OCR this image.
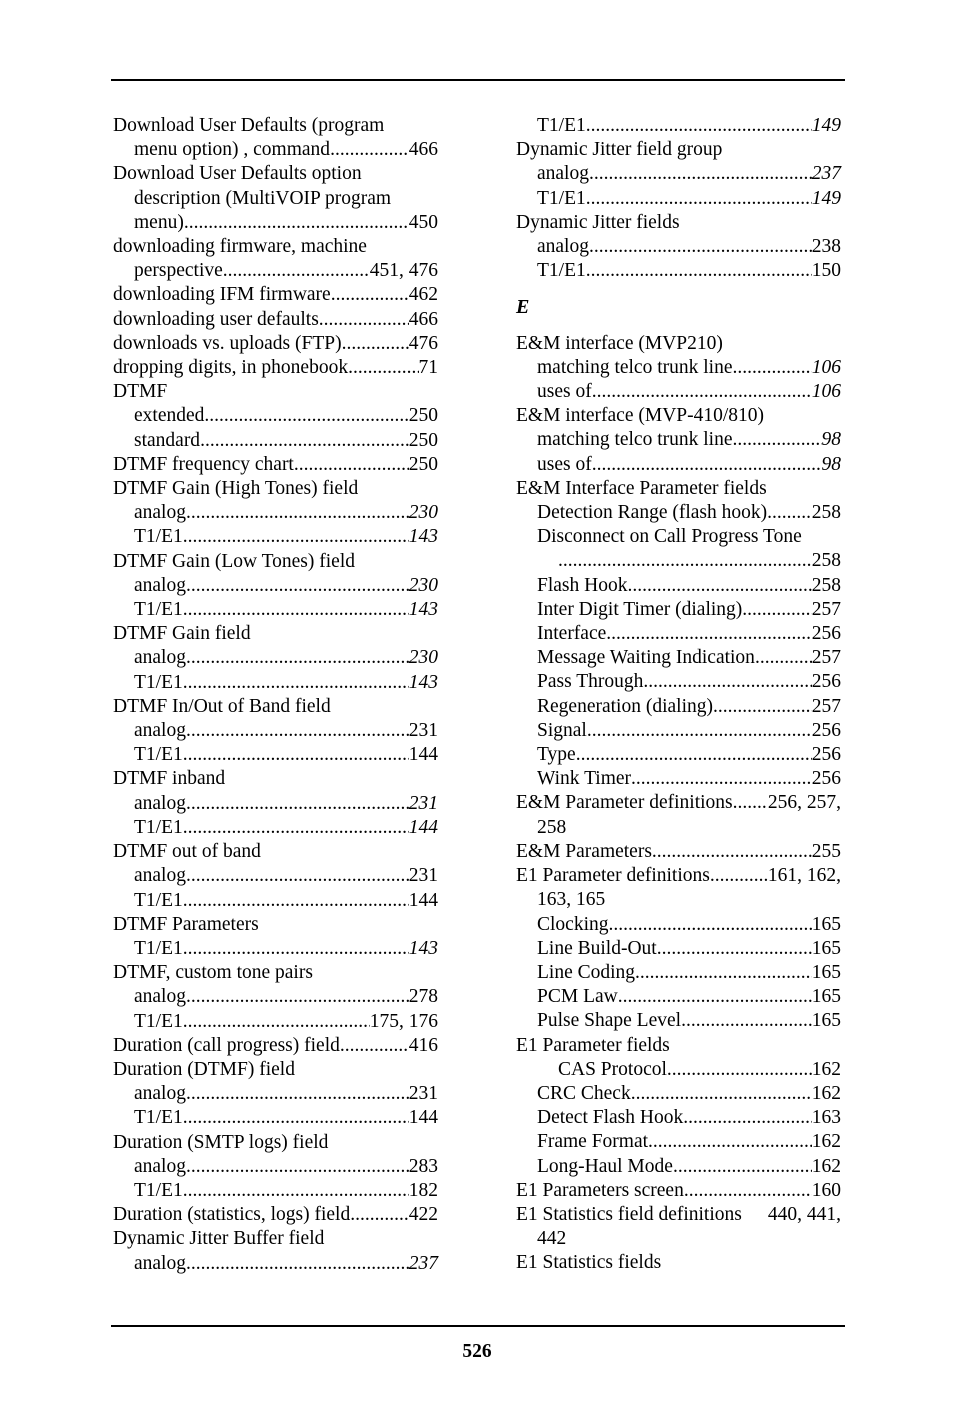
Download User Defaults (program
menu option) , command .....	466
Download User Defaults option
description (MultiVOIP program
menu) .....	450
downloading firmware, machine
perspective .....	451, 476
downloading IFM firmware .....	462
downloading user defaults .....	466
downloads vs. uploads (FTP) .....	476
dropping digits, in phonebook .....	71
DTMF
extended .....	250
standard .....	250
DTMF frequency chart .....	250
DTMF Gain (High Tones) field
analog .....	230
T1/E1 .....	143
DTMF Gain (Low Tones) field
analog .....	230
T1/E1 .....	143
DTMF Gain field
analog .....	230
T1/E1 .....	143
DTMF In/Out of Band field
analog .....	231
T1/E1 .....	144
DTMF inband
analog .....	231
T1/E1 .....	144
DTMF out of band
analog .....	231
T1/E1 .....	144
DTMF Parameters
T1/E1 .....	143
DTMF, custom tone pairs
analog .....	278
T1/E1 .....	175, 176
Duration (call progress) field .....	416
Duration (DTMF) field
analog .....	231
T1/E1 .....	144
Duration (SMTP logs) field
analog .....	283
T1/E1 .....	182
Duration (statistics, logs) field .....	422
Dynamic Jitter Buffer field
analog .....	237
T1/E1 .....	149
Dynamic Jitter field group
analog .....	237
T1/E1 .....	149
Dynamic Jitter fields
analog .....	238
T1/E1 .....	150
E
E&M interface (MVP210)
matching telco trunk line .....	106
uses of .....	106
E&M interface (MVP-410/810)
matching telco trunk line .....	98
uses of .....	98
E&M Interface Parameter fields
Detection Range (flash hook) ..... 258
Disconnect on Call Progress Tone
.....
258
Flash Hook .....	258
Inter Digit Timer (dialing) .....	257
Interface .....	256
Message Waiting Indication .....	257
Pass Through .....	256
Regeneration (dialing) .....	257
Signal .....	256
Type .....	256
Wink Timer .....	256
E&M Parameter definitions ..... 256, 257,
258
E&M Parameters .....	255
E1 Parameter definitions .....	161, 162,
163, 165
Clocking .....	165
Line Build-Out .....	165
Line Coding .....	165
PCM Law .....	165
Pulse Shape Level .....	165
E1 Parameter fields
CAS Protocol .....	162
CRC Check .....	162
Detect Flash Hook .....	163
Frame Format .....	162
Long-Haul Mode .....	162
E1 Parameters screen .....	160
E1 Statistics field definitions 440, 441,
442
E1 Statistics fields
526
